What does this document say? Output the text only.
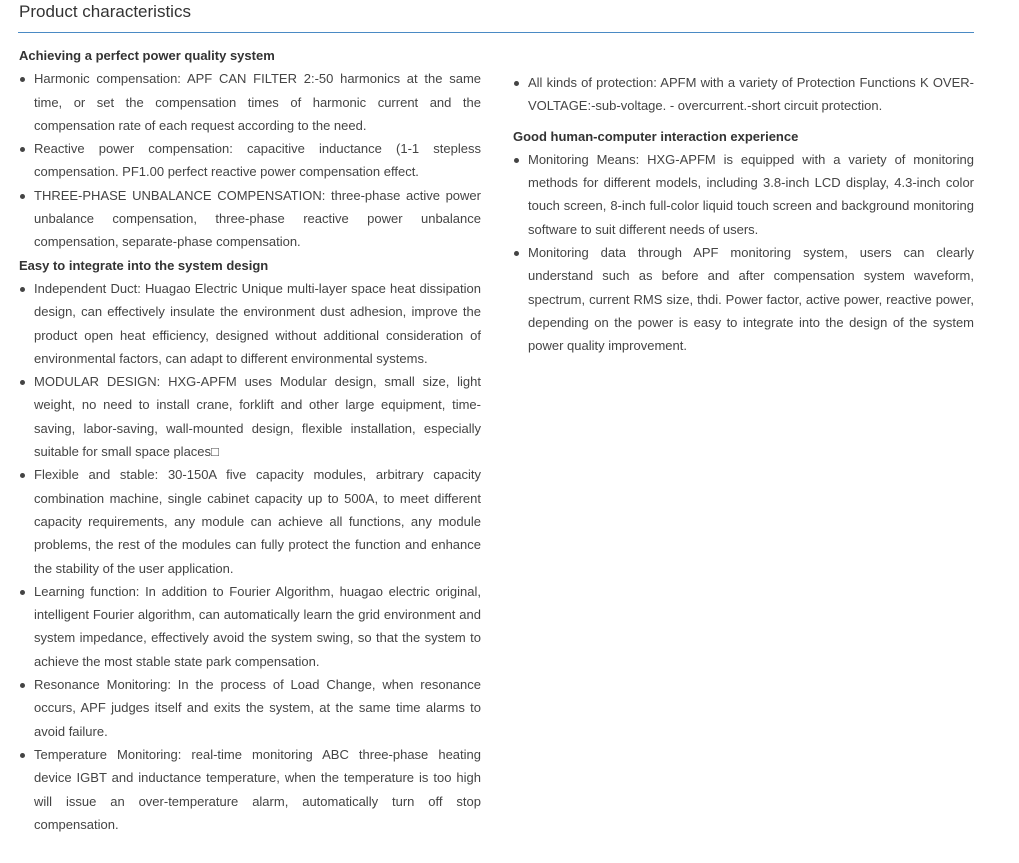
Product characteristics
Achieving a perfect power quality system
Harmonic compensation: APF CAN FILTER 2:-50 harmonics at the same time, or set the compensation times of harmonic current and the compensation rate of each request according to the need.
Reactive power compensation: capacitive inductance (1-1 stepless compensation. PF1.00 perfect reactive power compensation effect.
THREE-PHASE UNBALANCE COMPENSATION: three-phase active power unbalance compensation, three-phase reactive power unbalance compensation, separate-phase compensation.
Easy to integrate into the system design
Independent Duct: Huagao Electric Unique multi-layer space heat dissipation design, can effectively insulate the environment dust adhesion, improve the product open heat efficiency, designed without additional consideration of environmental factors, can adapt to different environmental systems.
MODULAR DESIGN: HXG-APFM uses Modular design, small size, light weight, no need to install crane, forklift and other large equipment, time-saving, labor-saving, wall-mounted design, flexible installation, especially suitable for small space places□
Flexible and stable: 30-150A five capacity modules, arbitrary capacity combination machine, single cabinet capacity up to 500A, to meet different capacity requirements, any module can achieve all functions, any module problems, the rest of the modules can fully protect the function and enhance the stability of the user application.
Learning function: In addition to Fourier Algorithm, huagao electric original, intelligent Fourier algorithm, can automatically learn the grid environment and system impedance, effectively avoid the system swing, so that the system to achieve the most stable state park compensation.
Resonance Monitoring: In the process of Load Change, when resonance occurs, APF judges itself and exits the system, at the same time alarms to avoid failure.
Temperature Monitoring: real-time monitoring ABC three-phase heating device IGBT and inductance temperature, when the temperature is too high will issue an over-temperature alarm, automatically turn off stop compensation.
All kinds of protection: APFM with a variety of Protection Functions K OVER-VOLTAGE:-sub-voltage. - overcurrent.-short circuit protection.
Good human-computer interaction experience
Monitoring Means: HXG-APFM is equipped with a variety of monitoring methods for different models, including 3.8-inch LCD display, 4.3-inch color touch screen, 8-inch full-color liquid touch screen and background monitoring software to suit different needs of users.
Monitoring data through APF monitoring system, users can clearly understand such as before and after compensation system waveform, spectrum, current RMS size, thdi. Power factor, active power, reactive power, depending on the power is easy to integrate into the design of the system power quality improvement.
